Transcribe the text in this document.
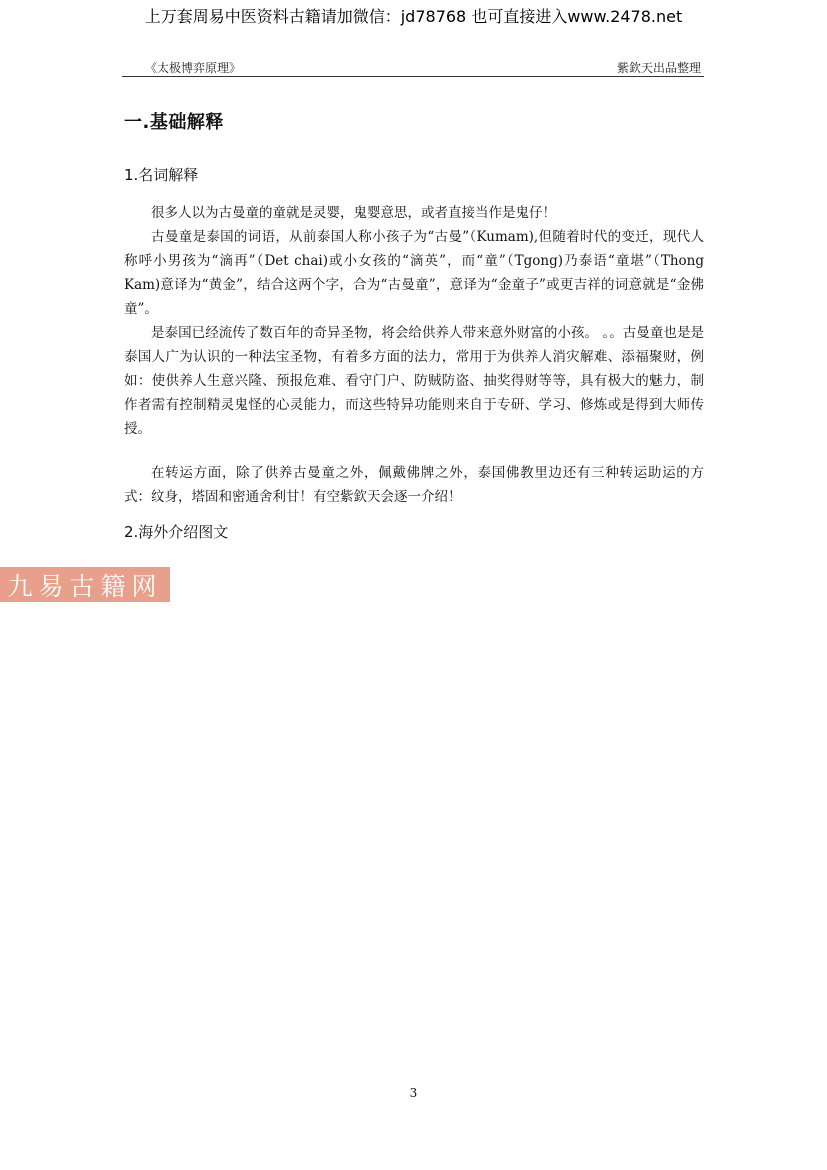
上万套周易中医资料古籍请加微信：jd78768 也可直接进入www.2478.net
《太极博弈原理》	紫欽天出品整理
一.基础解释
1.名词解释

很多人以为古曼童的童就是灵婴，鬼婴意思，或者直接当作是鬼仔！

古曼童是泰国的词语，从前泰国人称小孩子为“古曼”（Kumam),但随着时代的变迁，现代人称呼小男孩为“滴再”（Det chai)或小女孩的“滴英”，而“童”（Tgong)乃泰语“童堪”（Thong Kam)意译为“黄金”，结合这两个字，合为“古曼童”，意译为“金童子”或更吉祥的词意就是“金佛童”。

是泰国已经流传了数百年的奇异圣物，将会给供养人带来意外财富的小孩。 。。古曼童也是是泰国人广为认识的一种法宝圣物，有着多方面的法力，常用于为供养人消灾解难、添福聚财，例如：使供养人生意兴隆、预报危难、看守门户、防贼防盗、抽奖得财等等，具有极大的魅力，制作者需有控制精灵鬼怪的心灵能力，而这些特异功能则来自于专研、学习、修炼或是得到大师传授。

在转运方面，除了供养古曼童之外，佩戴佛牌之外，泰国佛教里边还有三种转运助运的方式：纹身，塔固和密通舍利甘！有空紫欽天会逐一介绍！

2.海外介绍图文
九易古籍网
3
